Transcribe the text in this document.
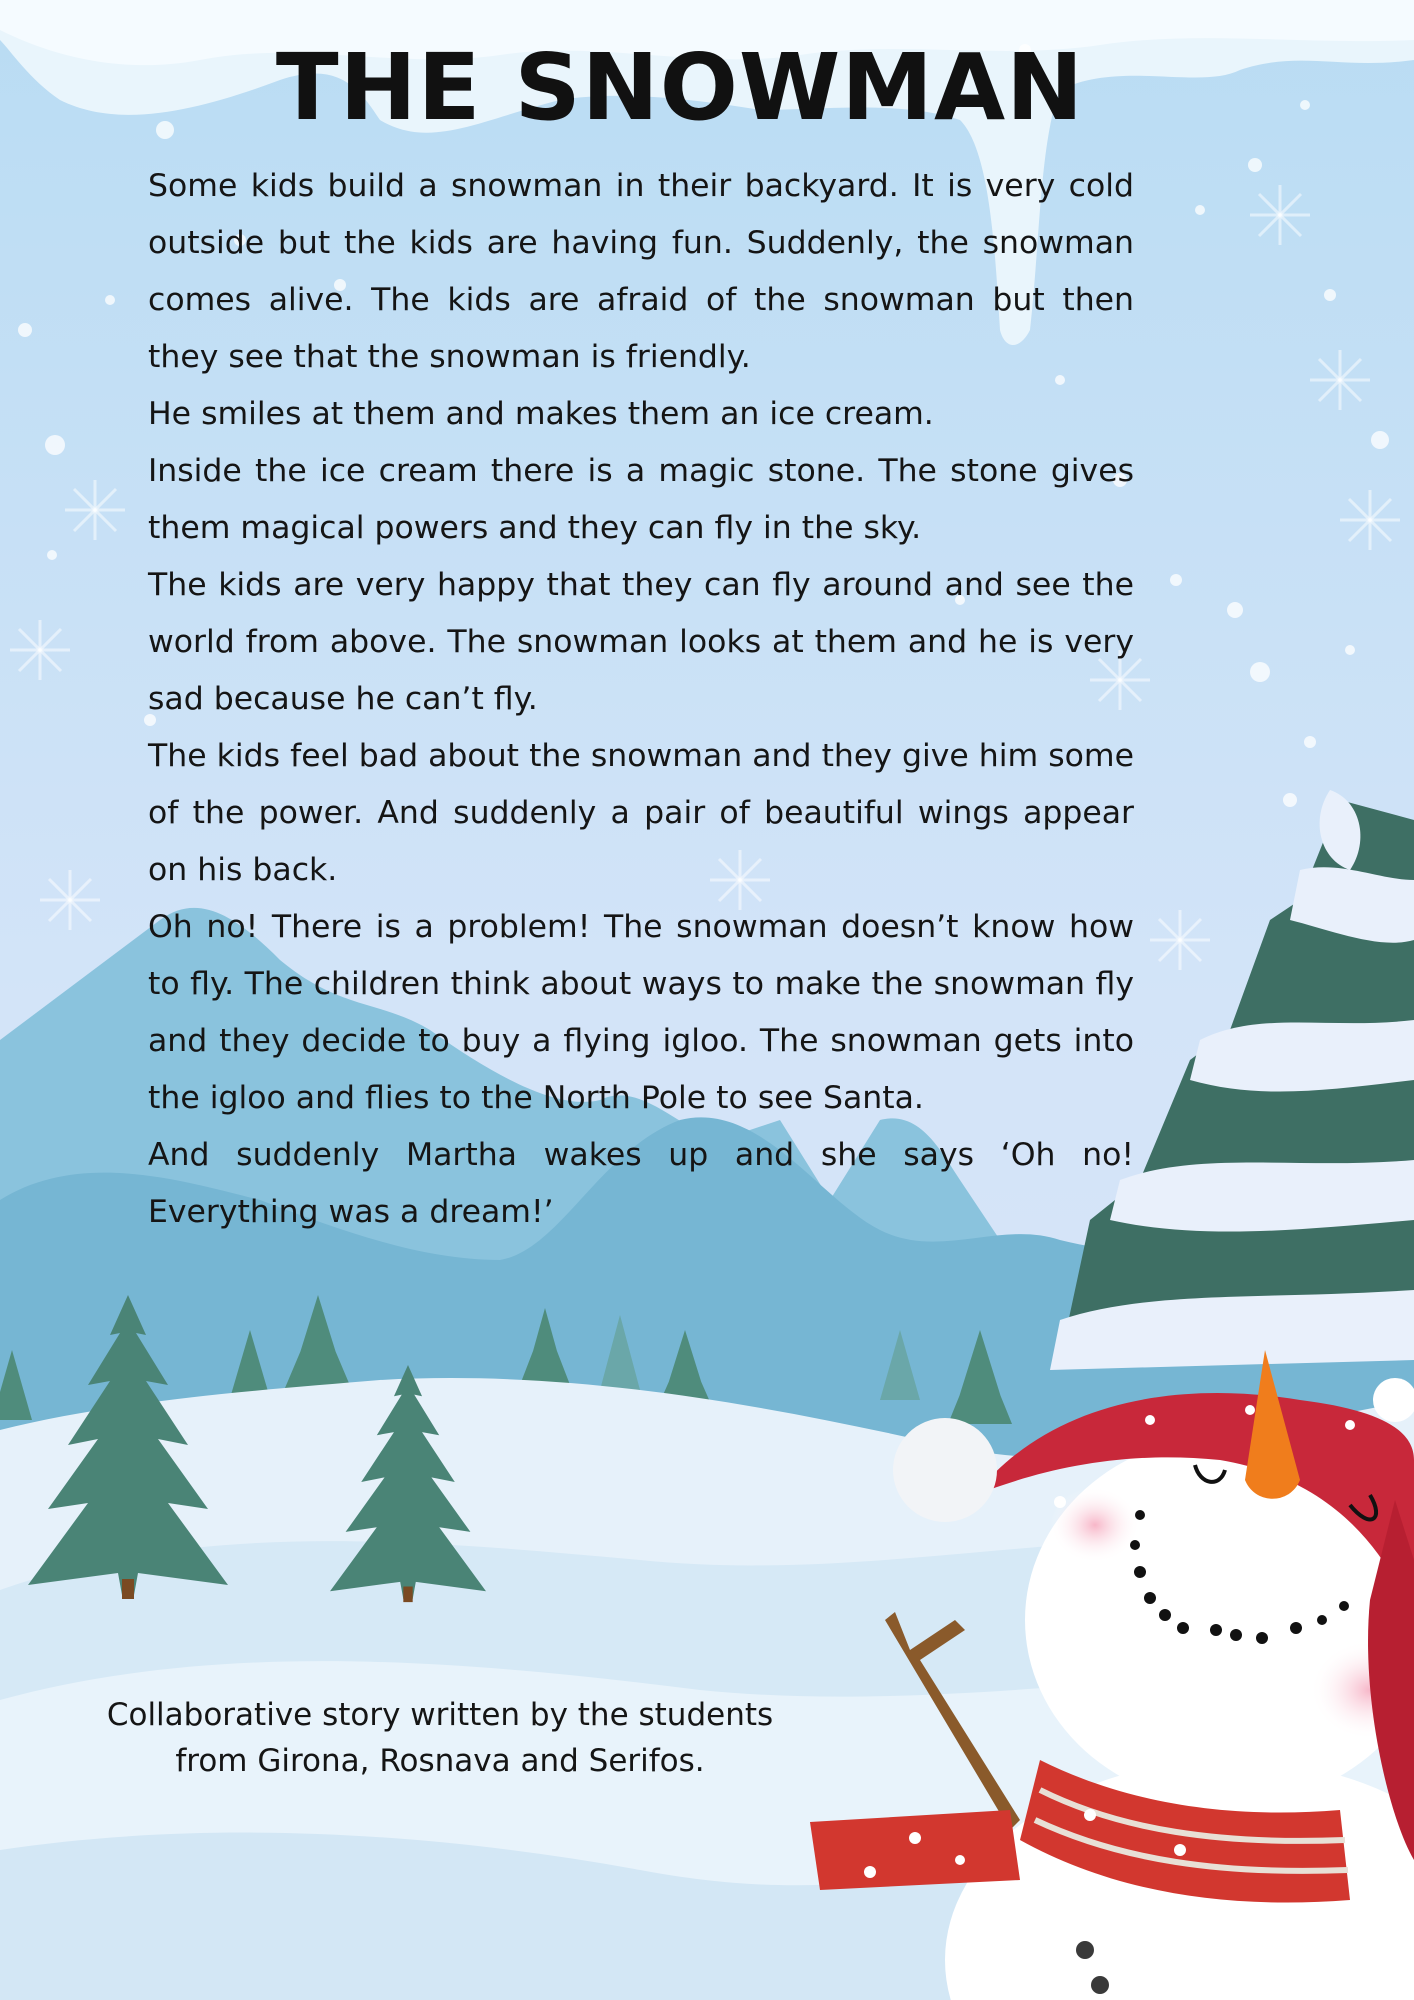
THE SNOWMAN

Some kids build a snowman in their backyard. It is very cold outside but the kids are having fun. Suddenly, the snowman comes alive. The kids are afraid of the snowman but then they see that the snowman is friendly.

He smiles at them and makes them an ice cream.

Inside the ice cream there is a magic stone. The stone gives them magical powers and they can fly in the sky.

The kids are very happy that they can fly around and see the world from above. The snowman looks at them and he is very sad because he can’t fly.

The kids feel bad about the snowman and they give him some of the power. And suddenly a pair of beautiful wings appear on his back.

Oh no! There is a problem! The snowman doesn’t know how to fly. The children think about ways to make the snowman fly and they decide to buy a flying igloo. The snowman gets into the igloo and flies to the North Pole to see Santa.

And suddenly Martha wakes up and she says ‘Oh no! Everything was a dream!’

Collaborative story written by the students
from Girona, Rosnava and Serifos.
